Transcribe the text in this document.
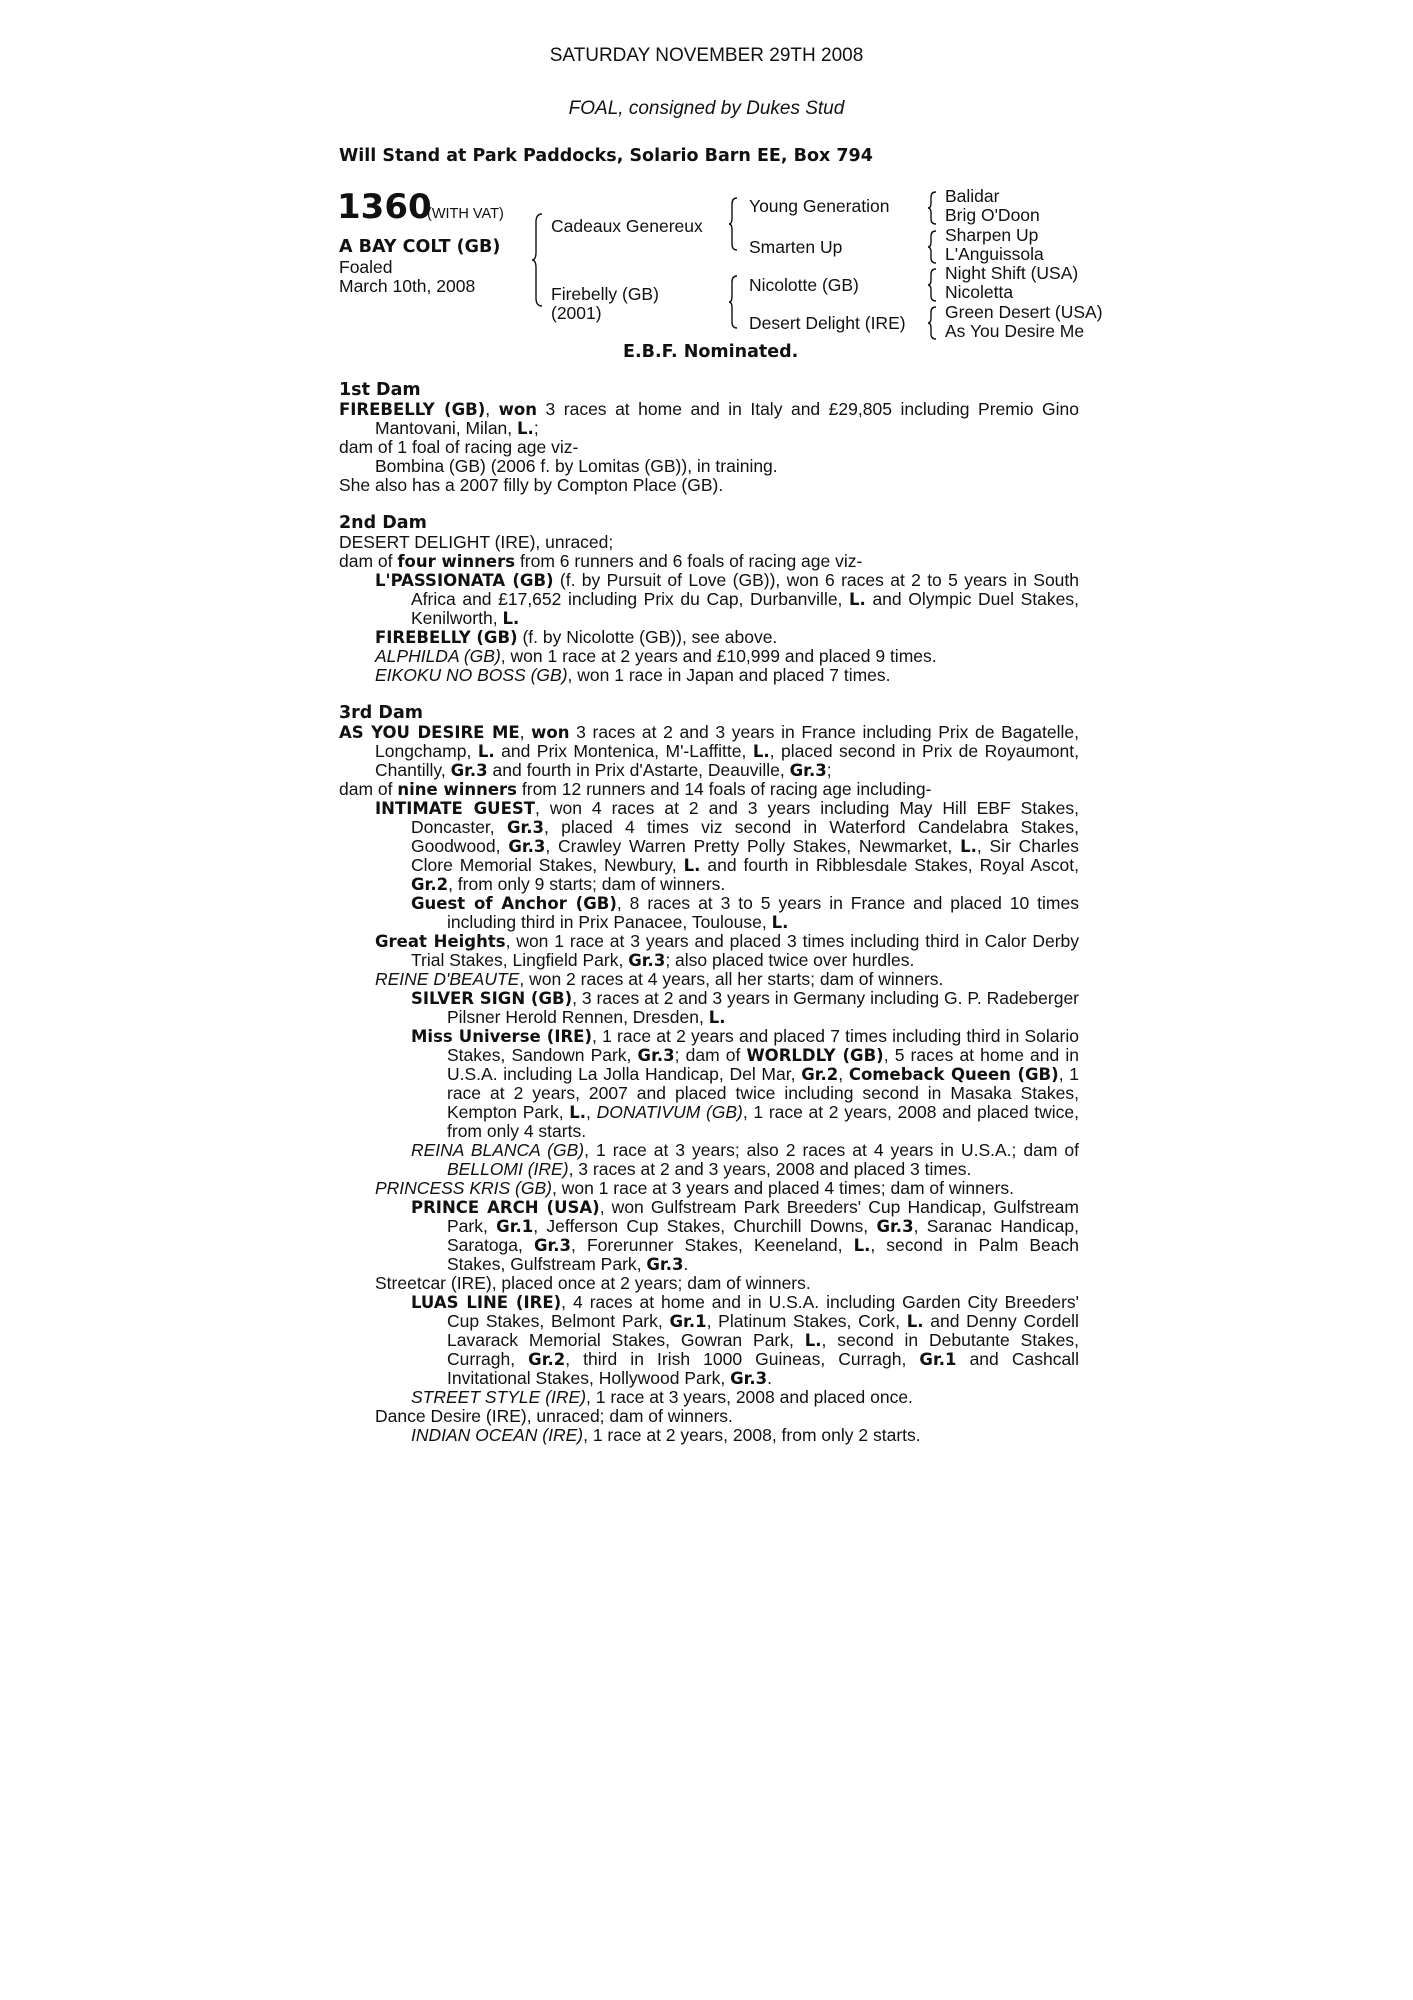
SATURDAY NOVEMBER 29TH 2008
FOAL, consigned by Dukes Stud
Will Stand at Park Paddocks, Solario Barn EE, Box 794
1360
(WITH VAT)
A BAY COLT (GB)
Foaled
March 10th, 2008
Cadeaux Genereux
Firebelly (GB)
(2001)
Young Generation
Smarten Up
Nicolotte (GB)
Desert Delight (IRE)
Balidar
Brig O'Doon
Sharpen Up
L'Anguissola
Night Shift (USA)
Nicoletta
Green Desert (USA)
As You Desire Me
E.B.F. Nominated.

1st Dam

FIREBELLY (GB), won 3 races at home and in Italy and £29,805 including Premio Gino Mantovani, Milan, L.;

dam of 1 foal of racing age viz-

Bombina (GB) (2006 f. by Lomitas (GB)), in training.

She also has a 2007 filly by Compton Place (GB).

2nd Dam

DESERT DELIGHT (IRE), unraced;

dam of four winners from 6 runners and 6 foals of racing age viz-

L'PASSIONATA (GB) (f. by Pursuit of Love (GB)), won 6 races at 2 to 5 years in South Africa and £17,652 including Prix du Cap, Durbanville, L. and Olympic Duel Stakes, Kenilworth, L.

FIREBELLY (GB) (f. by Nicolotte (GB)), see above.

ALPHILDA (GB), won 1 race at 2 years and £10,999 and placed 9 times.

EIKOKU NO BOSS (GB), won 1 race in Japan and placed 7 times.

3rd Dam

AS YOU DESIRE ME, won 3 races at 2 and 3 years in France including Prix de Bagatelle, Longchamp, L. and Prix Montenica, M'-Laffitte, L., placed second in Prix de Royaumont, Chantilly, Gr.3 and fourth in Prix d'Astarte, Deauville, Gr.3;

dam of nine winners from 12 runners and 14 foals of racing age including-

INTIMATE GUEST, won 4 races at 2 and 3 years including May Hill EBF Stakes, Doncaster, Gr.3, placed 4 times viz second in Waterford Candelabra Stakes, Goodwood, Gr.3, Crawley Warren Pretty Polly Stakes, Newmarket, L., Sir Charles Clore Memorial Stakes, Newbury, L. and fourth in Ribblesdale Stakes, Royal Ascot, Gr.2, from only 9 starts; dam of winners.

Guest of Anchor (GB), 8 races at 3 to 5 years in France and placed 10 times including third in Prix Panacee, Toulouse, L.

Great Heights, won 1 race at 3 years and placed 3 times including third in Calor Derby Trial Stakes, Lingfield Park, Gr.3; also placed twice over hurdles.

REINE D'BEAUTE, won 2 races at 4 years, all her starts; dam of winners.

SILVER SIGN (GB), 3 races at 2 and 3 years in Germany including G. P. Radeberger Pilsner Herold Rennen, Dresden, L.

Miss Universe (IRE), 1 race at 2 years and placed 7 times including third in Solario Stakes, Sandown Park, Gr.3; dam of WORLDLY (GB), 5 races at home and in U.S.A. including La Jolla Handicap, Del Mar, Gr.2, Comeback Queen (GB), 1 race at 2 years, 2007 and placed twice including second in Masaka Stakes, Kempton Park, L., DONATIVUM (GB), 1 race at 2 years, 2008 and placed twice, from only 4 starts.

REINA BLANCA (GB), 1 race at 3 years; also 2 races at 4 years in U.S.A.; dam of BELLOMI (IRE), 3 races at 2 and 3 years, 2008 and placed 3 times.

PRINCESS KRIS (GB), won 1 race at 3 years and placed 4 times; dam of winners.

PRINCE ARCH (USA), won Gulfstream Park Breeders' Cup Handicap, Gulfstream Park, Gr.1, Jefferson Cup Stakes, Churchill Downs, Gr.3, Saranac Handicap, Saratoga, Gr.3, Forerunner Stakes, Keeneland, L., second in Palm Beach Stakes, Gulfstream Park, Gr.3.

Streetcar (IRE), placed once at 2 years; dam of winners.

LUAS LINE (IRE), 4 races at home and in U.S.A. including Garden City Breeders' Cup Stakes, Belmont Park, Gr.1, Platinum Stakes, Cork, L. and Denny Cordell Lavarack Memorial Stakes, Gowran Park, L., second in Debutante Stakes, Curragh, Gr.2, third in Irish 1000 Guineas, Curragh, Gr.1 and Cashcall Invitational Stakes, Hollywood Park, Gr.3.

STREET STYLE (IRE), 1 race at 3 years, 2008 and placed once.

Dance Desire (IRE), unraced; dam of winners.

INDIAN OCEAN (IRE), 1 race at 2 years, 2008, from only 2 starts.
